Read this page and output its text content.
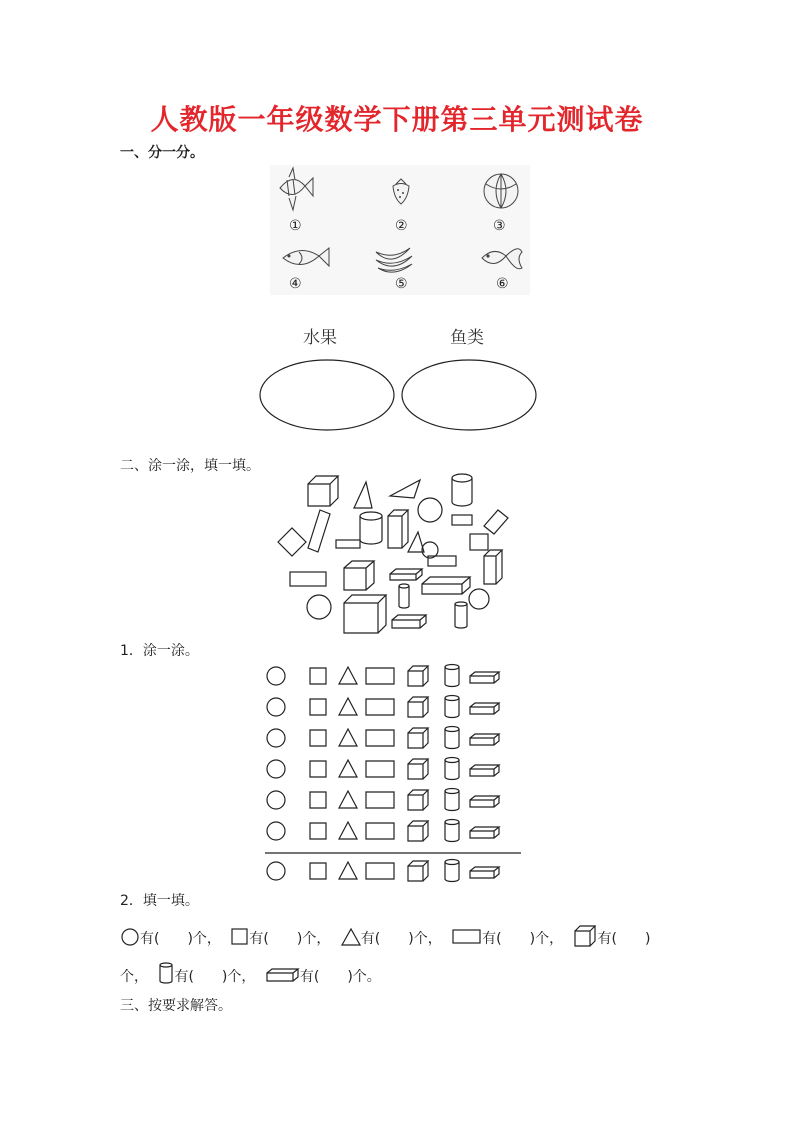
人教版一年级数学下册第三单元测试卷
一、分一分。
①	②	③
④	⑤	⑥
水果	鱼类
二、涂一涂，填一填。
1．涂一涂。
2．填一填。
有( )个， 有( )个， 有( )个，	有( )个， 有( )
个， 有( )个，	有( )个。
三、按要求解答。
